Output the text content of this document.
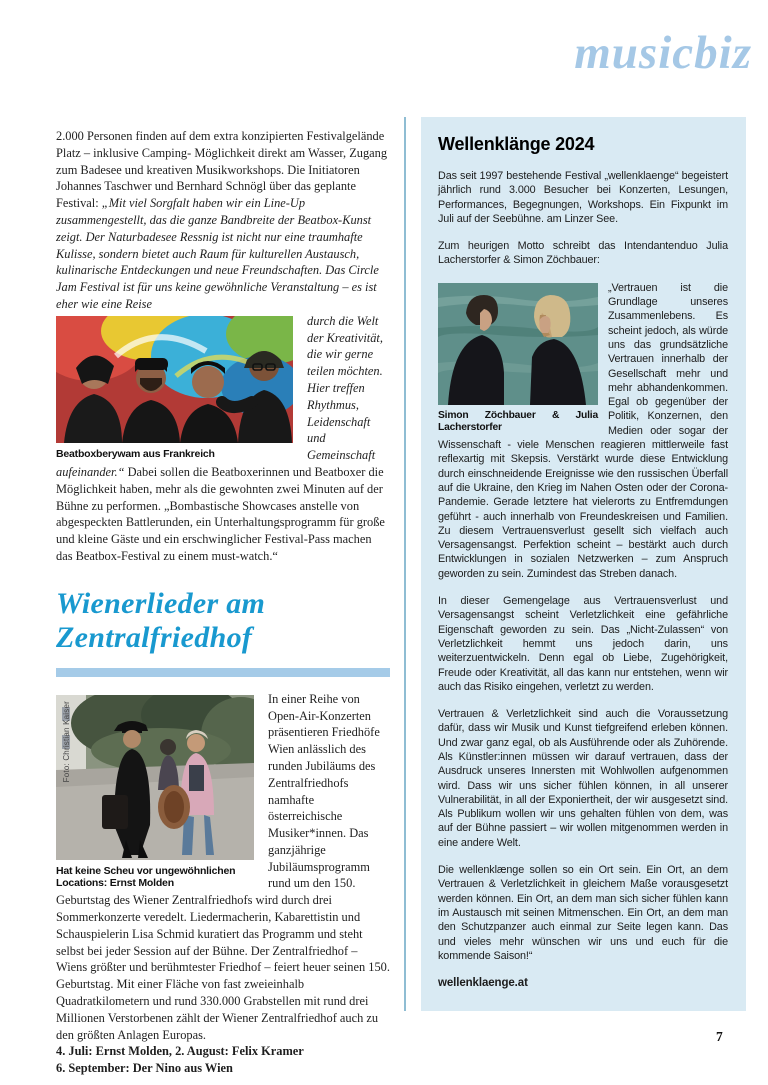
musicbiz

2.000 Personen finden auf dem extra konzipierten Festivalgelände Platz – inklusive Camping- Möglichkeit direkt am Wasser, Zugang zum Badesee und kreativen Musikworkshops. Die Initiatoren Johannes Taschwer und Bernhard Schnögl über das geplante Festival: „Mit viel Sorgfalt haben wir ein Line-Up zusammengestellt, das die ganze Bandbreite der Beatbox-Kunst zeigt. Der Naturbadesee Ressnig ist nicht nur eine traumhafte Kulisse, sondern bietet auch Raum für kulturellen Austausch, kulinarische Entdeckungen und neue Freundschaften. Das Circle Jam Festival ist für uns keine gewöhnliche Veranstaltung – es ist eher wie eine Reise

Beatboxberywam aus Frankreich

durch die Welt der Kreativität, die wir gerne teilen möchten. Hier treffen Rhythmus, Leidenschaft und Gemeinschaft aufeinander.“ Dabei sollen die Beatboxerinnen und Beatboxer die Möglichkeit haben, mehr als die gewohnten zwei Minuten auf der Bühne zu performen. „Bombastische Showcases anstelle von abgespeckten Battlerunden, ein Unterhaltungsprogramm für große und kleine Gäste und ein erschwinglicher Festival-Pass machen das Beatbox-Festival zu einem must-watch.“

Wienerlieder am Zentralfriedhof
Foto: Christian Kaiser
Hat keine Scheu vor ungewöhnlichen Locations: Ernst Molden

In einer Reihe von Open-Air-Konzerten präsentieren Friedhöfe Wien anlässlich des runden Jubiläums des Zentralfriedhofs namhafte österreichische Musiker*innen. Das ganzjährige Jubiläumsprogramm rund um den 150. Geburtstag des Wiener Zentralfriedhofs wird durch drei Sommerkonzerte veredelt. Liedermacherin, Kabarettistin und Schauspielerin Lisa Schmid kuratiert das Programm und steht selbst bei jeder Session auf der Bühne. Der Zentralfriedhof – Wiens größter und berühmtester Friedhof – feiert heuer seinen 150. Geburtstag. Mit einer Fläche von fast zweieinhalb Quadratkilometern und rund 330.000 Grabstellen mit rund drei Millionen Verstorbenen zählt der Wiener Zentralfriedhof auch zu den größten Anlagen Europas.

4. Juli: Ernst Molden, 2. August: Felix Kramer

6. September: Der Nino aus Wien

Wellenklänge 2024

Das seit 1997 bestehende Festival „wellenklaenge“ begeistert jährlich rund 3.000 Besucher bei Konzerten, Lesungen, Performances, Begegnungen, Workshops. Ein Fixpunkt im Juli auf der Seebühne. am Linzer See.

Zum heurigen Motto schreibt das Intendantenduo Julia Lacherstorfer & Simon Zöchbauer:

Simon Zöchbauer & Julia Lacherstorfer

„Vertrauen ist die Grundlage unseres Zusammenlebens. Es scheint jedoch, als würde uns das grundsätzliche Vertrauen innerhalb der Gesellschaft mehr und mehr abhandenkommen. Egal ob gegenüber der Politik, Konzernen, den Medien oder sogar der Wissenschaft - viele Menschen reagieren mittlerweile fast reflexartig mit Skepsis. Verstärkt wurde diese Entwicklung durch einschneidende Ereignisse wie den russischen Überfall auf die Ukraine, den Krieg im Nahen Osten oder der Corona-Pandemie. Gerade letztere hat vielerorts zu Entfremdungen geführt - auch innerhalb von Freundeskreisen und Familien. Zu diesem Vertrauensverlust gesellt sich vielfach auch Versagensangst. Perfektion scheint – bestärkt auch durch Entwicklungen in sozialen Netzwerken – zum Anspruch geworden zu sein. Zumindest das Streben danach.

In dieser Gemengelage aus Vertrauensverlust und Versagensangst scheint Verletzlichkeit eine gefährliche Eigenschaft geworden zu sein. Das „Nicht-Zulassen“ von Verletzlichkeit hemmt uns jedoch darin, uns weiterzuentwickeln. Denn egal ob Liebe, Zugehörigkeit, Freude oder Kreativität, all das kann nur entstehen, wenn wir auch das Risiko eingehen, verletzt zu werden.

Vertrauen & Verletzlichkeit sind auch die Voraussetzung dafür, dass wir Musik und Kunst tiefgreifend erleben können. Und zwar ganz egal, ob als Ausführende oder als Zuhörende. Als Künstler:innen müssen wir darauf vertrauen, dass der Ausdruck unseres Innersten mit Wohlwollen aufgenommen wird. Dass wir uns sicher fühlen können, in all unserer Vulnerabilität, in all der Exponiertheit, der wir ausgesetzt sind. Als Publikum wollen wir uns gehalten fühlen von dem, was auf der Bühne passiert – wir wollen mitgenommen werden in eine andere Welt.

Die wellenklænge sollen so ein Ort sein. Ein Ort, an dem Vertrauen & Verletzlichkeit in gleichem Maße vorausgesetzt werden können. Ein Ort, an dem man sich sicher fühlen kann im Austausch mit seinen Mitmenschen. Ein Ort, an dem man den Schutzpanzer auch einmal zur Seite legen kann. Das und vieles mehr wünschen wir uns und euch für die kommende Saison!“

wellenklaenge.at

7
